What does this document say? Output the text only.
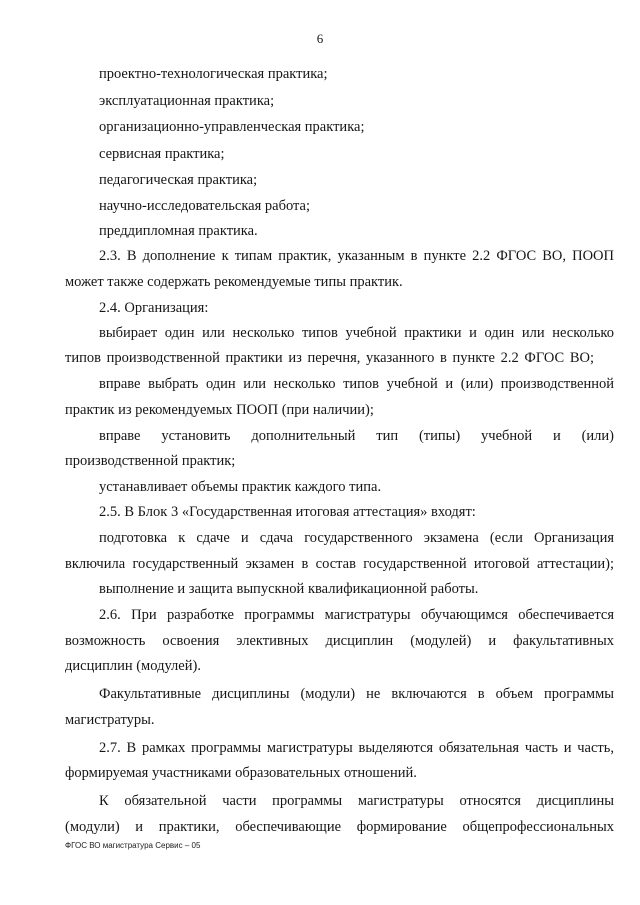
6
проектно-технологическая практика;
эксплуатационная практика;
организационно-управленческая практика;
сервисная практика;
педагогическая практика;
научно-исследовательская работа;
преддипломная практика.
2.3. В дополнение к типам практик, указанным в пункте 2.2 ФГОС ВО, ПООП
может также содержать рекомендуемые типы практик.
2.4. Организация:
выбирает один или несколько типов учебной практики и один или несколько
типов производственной практики из перечня, указанного в пункте 2.2 ФГОС ВО;
вправе выбрать один или несколько типов учебной и (или) производственной
практик из рекомендуемых ПООП (при наличии);
вправе установить дополнительный тип (типы) учебной и (или)
производственной практик;
устанавливает объемы практик каждого типа.
2.5. В Блок 3 «Государственная итоговая аттестация» входят:
подготовка к сдаче и сдача государственного экзамена (если Организация
включила государственный экзамен в состав государственной итоговой аттестации);
выполнение и защита выпускной квалификационной работы.
2.6. При разработке программы магистратуры обучающимся обеспечивается
возможность освоения элективных дисциплин (модулей) и факультативных
дисциплин (модулей).
Факультативные дисциплины (модули) не включаются в объем программы
магистратуры.
2.7. В рамках программы магистратуры выделяются обязательная часть и часть,
формируемая участниками образовательных отношений.
К обязательной части программы магистратуры относятся дисциплины
(модули) и практики, обеспечивающие формирование общепрофессиональных
ФГОС ВО магистратура Сервис – 05
